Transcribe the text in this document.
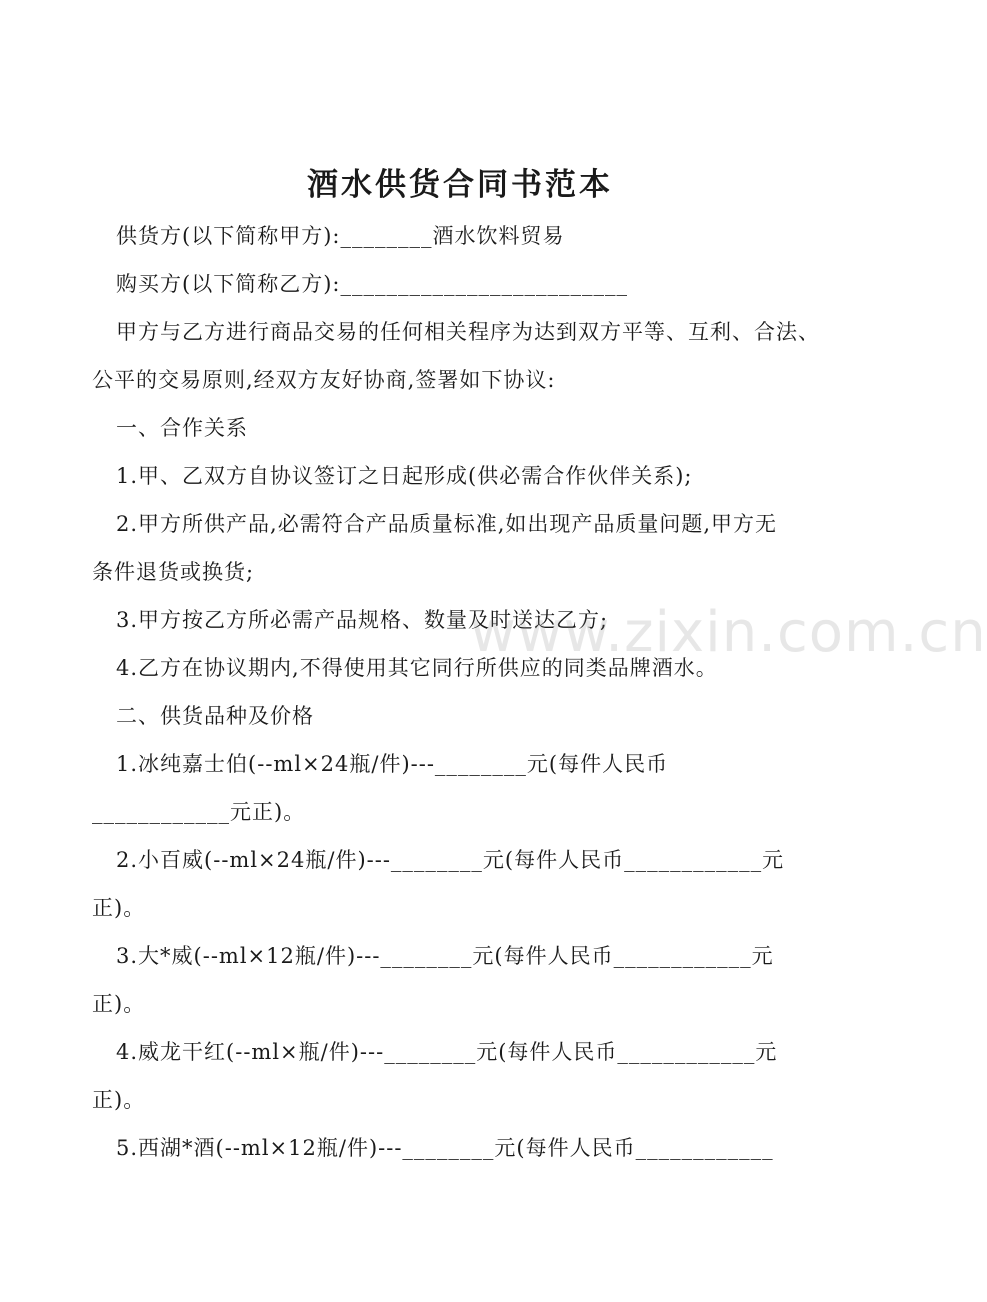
酒水供货合同书范本
供货方(以下简称甲方):________酒水饮料贸易
购买方(以下简称乙方):_________________________
甲方与乙方进行商品交易的任何相关程序为达到双方平等、互利、合法、
公平的交易原则,经双方友好协商,签署如下协议:
一、合作关系
1.甲、乙双方自协议签订之日起形成(供必需合作伙伴关系);
2.甲方所供产品,必需符合产品质量标准,如出现产品质量问题,甲方无
条件退货或换货;
3.甲方按乙方所必需产品规格、数量及时送达乙方;
4.乙方在协议期内,不得使用其它同行所供应的同类品牌酒水。
二、供货品种及价格
1.冰纯嘉士伯(--ml×24瓶/件)---________元(每件人民币
____________元正)。
2.小百威(--ml×24瓶/件)---________元(每件人民币____________元
正)。
3.大*威(--ml×12瓶/件)---________元(每件人民币____________元
正)。
4.威龙干红(--ml×瓶/件)---________元(每件人民币____________元
正)。
5.西湖*酒(--ml×12瓶/件)---________元(每件人民币____________
www.zixin.com.cn
